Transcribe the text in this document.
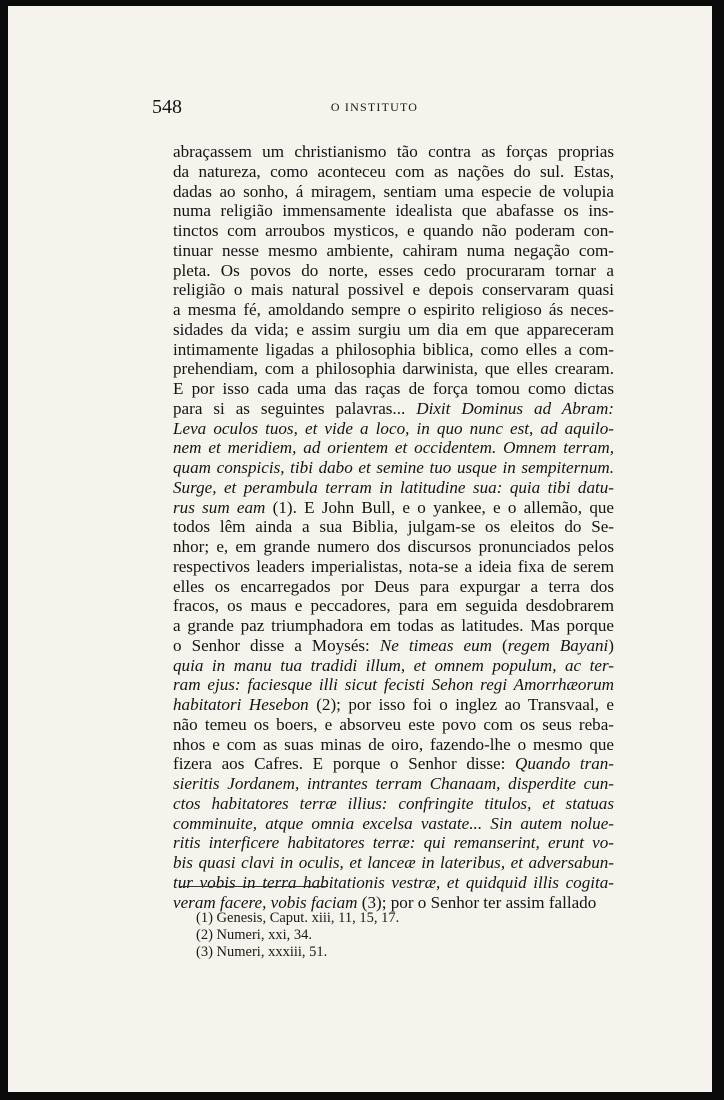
548	O INSTITUTO
abraçassem um christianismo tão contra as forças proprias
da natureza, como aconteceu com as nações do sul. Estas,
dadas ao sonho, á miragem, sentiam uma especie de volupia
numa religião immensamente idealista que abafasse os ins-
tinctos com arroubos mysticos, e quando não poderam con-
tinuar nesse mesmo ambiente, cahiram numa negação com-
pleta. Os povos do norte, esses cedo procuraram tornar a
religião o mais natural possivel e depois conservaram quasi
a mesma fé, amoldando sempre o espirito religioso ás neces-
sidades da vida; e assim surgiu um dia em que appareceram
intimamente ligadas a philosophia biblica, como elles a com-
prehendiam, com a philosophia darwinista, que elles crearam.
E por isso cada uma das raças de força tomou como dictas
para si as seguintes palavras... Dixit Dominus ad Abram:
Leva oculos tuos, et vide a loco, in quo nunc est, ad aquilo-
nem et meridiem, ad orientem et occidentem. Omnem terram,
quam conspicis, tibi dabo et semine tuo usque in sempiternum.
Surge, et perambula terram in latitudine sua: quia tibi datu-
rus sum eam (1). E John Bull, e o yankee, e o allemão, que
todos lêm ainda a sua Biblia, julgam-se os eleitos do Se-
nhor; e, em grande numero dos discursos pronunciados pelos
respectivos leaders imperialistas, nota-se a ideia fixa de serem
elles os encarregados por Deus para expurgar a terra dos
fracos, os maus e peccadores, para em seguida desdobrarem
a grande paz triumphadora em todas as latitudes. Mas porque
o Senhor disse a Moysés: Ne timeas eum (regem Bayani)
quia in manu tua tradidi illum, et omnem populum, ac ter-
ram ejus: faciesque illi sicut fecisti Sehon regi Amorrhæorum
habitatori Hesebon (2); por isso foi o inglez ao Transvaal, e
não temeu os boers, e absorveu este povo com os seus reba-
nhos e com as suas minas de oiro, fazendo-lhe o mesmo que
fizera aos Cafres. E porque o Senhor disse: Quando tran-
sieritis Jordanem, intrantes terram Chanaam, disperdite cun-
ctos habitatores terræ illius: confringite titulos, et statuas
comminuite, atque omnia excelsa vastate... Sin autem nolue-
ritis interficere habitatores terræ: qui remanserint, erunt vo-
bis quasi clavi in oculis, et lanceæ in lateribus, et adversabun-
tur vobis in terra habitationis vestræ, et quidquid illis cogita-
veram facere, vobis faciam (3); por o Senhor ter assim fallado
(1) Genesis, Caput. xiii, 11, 15, 17.
(2) Numeri, xxi, 34.
(3) Numeri, xxxiii, 51.
